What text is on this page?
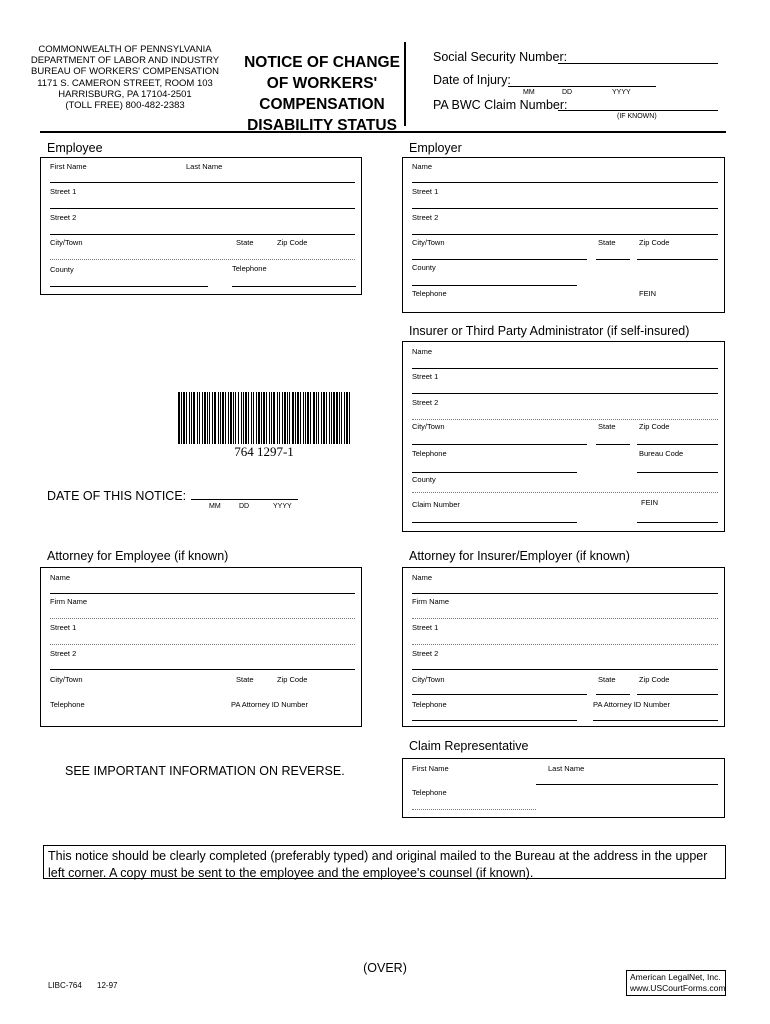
COMMONWEALTH OF PENNSYLVANIA
DEPARTMENT OF LABOR AND INDUSTRY
BUREAU OF WORKERS' COMPENSATION
1171 S. CAMERON STREET, ROOM 103
HARRISBURG, PA 17104-2501
(TOLL FREE) 800-482-2383
NOTICE OF CHANGE
OF WORKERS'
COMPENSATION
DISABILITY STATUS
Social Security Number:
Date of Injury:
MM	DD	YYYY
PA BWC Claim Number:
(IF KNOWN)
Employee
First Name	Last Name
Street 1
Street 2
City/Town	State	Zip Code
County	Telephone
Employer
Name
Street 1
Street 2
City/Town	State	Zip Code
County
Telephone	FEIN
Insurer or Third Party Administrator (if self-insured)
Name
Street 1
Street 2
City/Town	State	Zip Code
Telephone	Bureau Code
County
Claim Number	FEIN
764 1297-1
DATE OF THIS NOTICE:
MM	DD	YYYY
Attorney for Employee (if known)
Name
Firm Name
Street 1
Street 2
City/Town	State	Zip Code
Telephone	PA Attorney ID Number
Attorney for Insurer/Employer (if known)
Name
Firm Name
Street 1
Street 2
City/Town	State	Zip Code
Telephone	PA Attorney ID Number
Claim Representative
First Name	Last Name
Telephone
SEE IMPORTANT INFORMATION ON REVERSE.
This notice should be clearly completed (preferably typed) and original mailed to the Bureau at the address in the upper left corner. A copy must be sent to the employee and the employee's counsel (if known).
(OVER)
LIBC-764 12-97
American LegalNet, Inc.
www.USCourtForms.com
